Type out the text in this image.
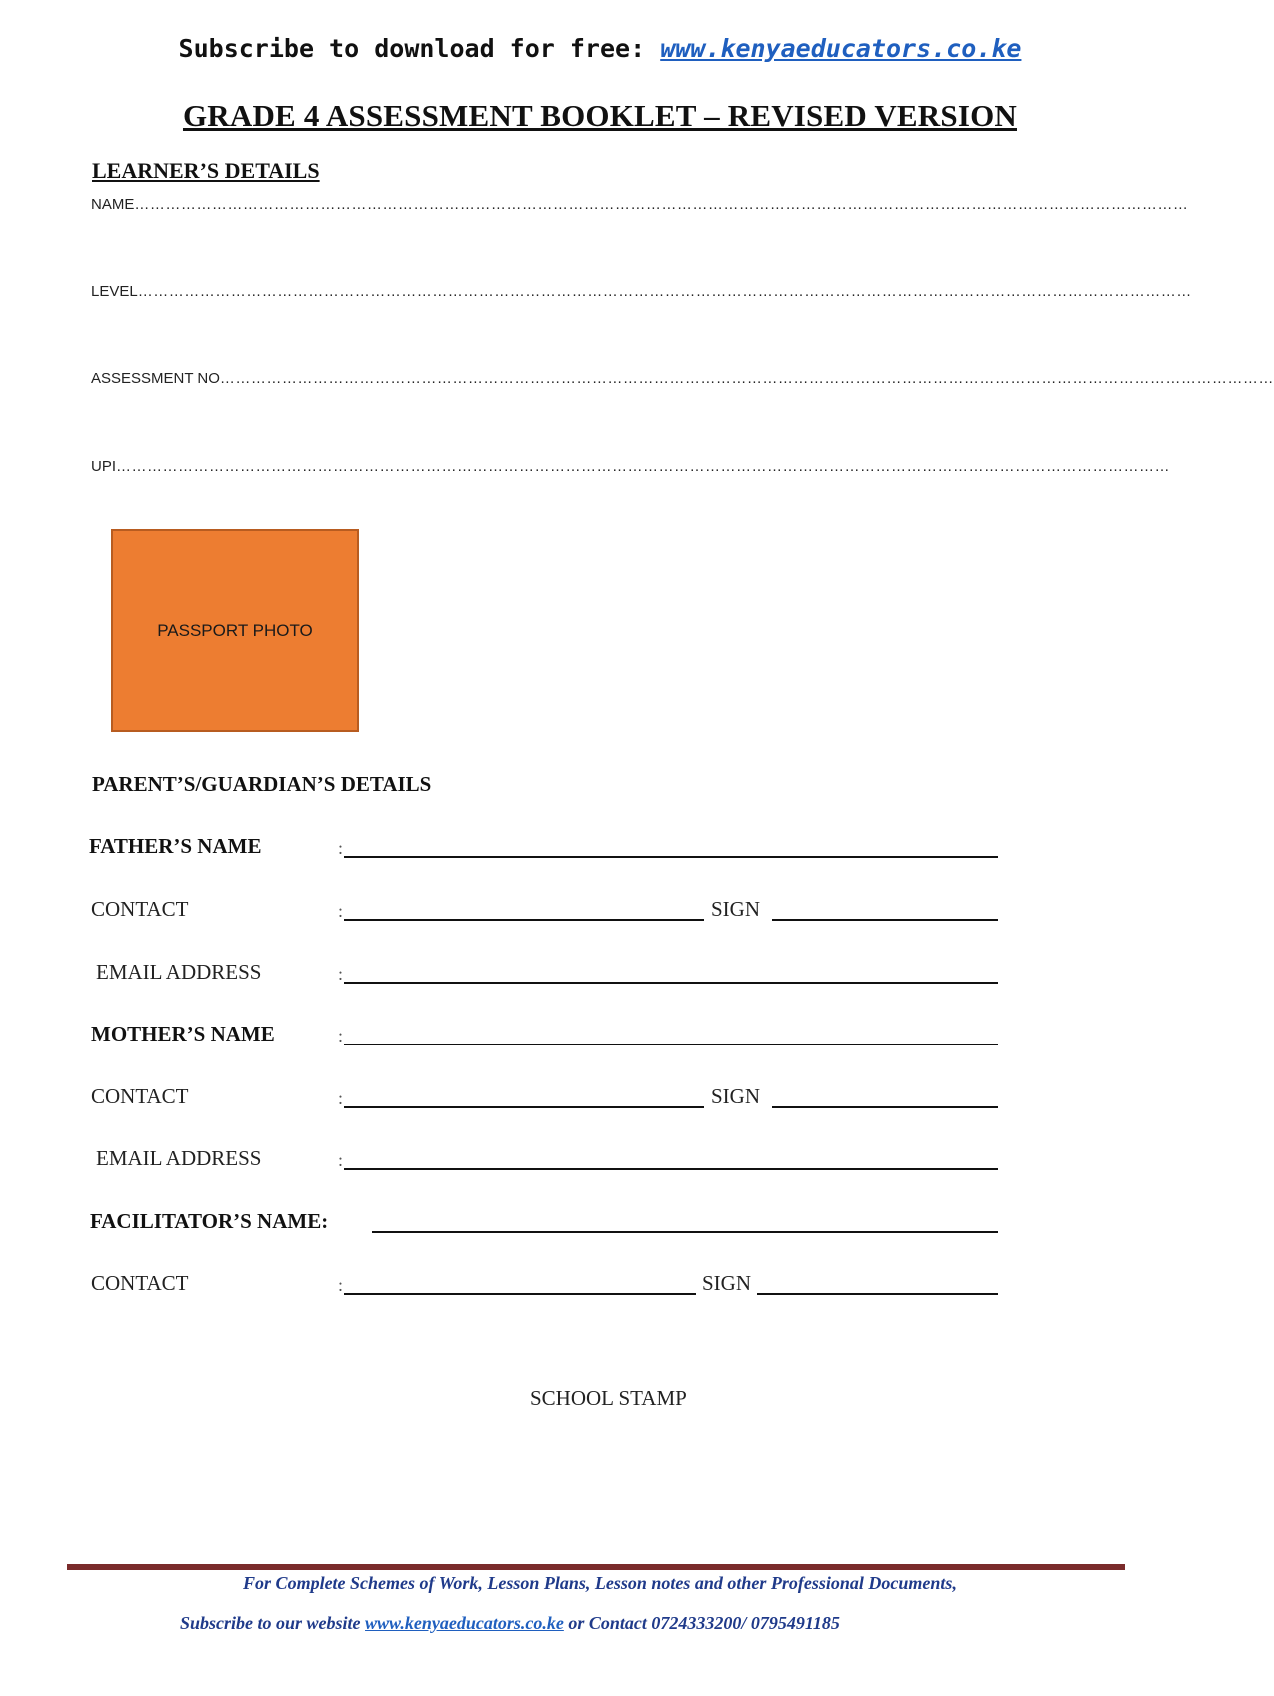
Subscribe to download for free: www.kenyaeducators.co.ke
GRADE 4 ASSESSMENT BOOKLET – REVISED VERSION
LEARNER’S DETAILS
NAME……………………………………………………………………………………………………………………………………………………………………………………
LEVEL……………………………………………………………………………………………………………………………………………………………………………………
ASSESSMENT NO……………………………………………………………………………………………………………………………………………………………………………………
UPI……………………………………………………………………………………………………………………………………………………………………………………
PASSPORT PHOTO
PARENT’S/GUARDIAN’S DETAILS
FATHER’S NAME	:
CONTACT	:	SIGN
EMAIL ADDRESS	:
MOTHER’S NAME	:
CONTACT	:	SIGN
EMAIL ADDRESS	:
FACILITATOR’S NAME:
CONTACT	:	SIGN
SCHOOL STAMP
For Complete Schemes of Work, Lesson Plans, Lesson notes and other Professional Documents,
Subscribe to our website www.kenyaeducators.co.ke or Contact 0724333200/ 0795491185
